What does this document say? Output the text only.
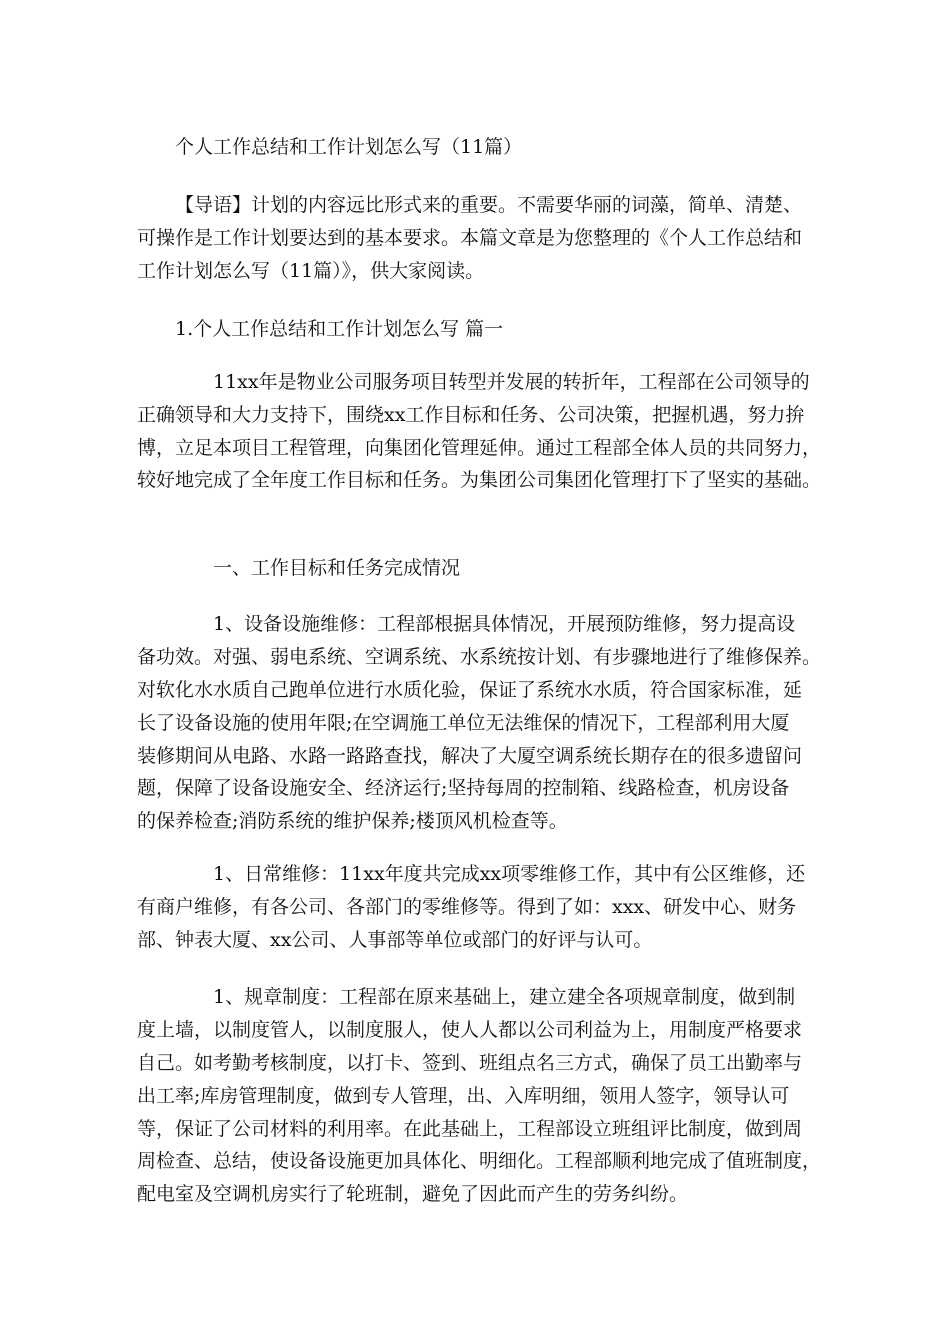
个人工作总结和工作计划怎么写（11篇）

【导语】计划的内容远比形式来的重要。不需要华丽的词藻，简单、清楚、

可操作是工作计划要达到的基本要求。本篇文章是为您整理的《个人工作总结和

工作计划怎么写（11篇）》，供大家阅读。

1.个人工作总结和工作计划怎么写 篇一

11xx年是物业公司服务项目转型并发展的转折年，工程部在公司领导的

正确领导和大力支持下，围绕xx工作目标和任务、公司决策，把握机遇，努力拚

博，立足本项目工程管理，向集团化管理延伸。通过工程部全体人员的共同努力，

较好地完成了全年度工作目标和任务。为集团公司集团化管理打下了坚实的基础。

一、工作目标和任务完成情况

1、设备设施维修：工程部根据具体情况，开展预防维修，努力提高设

备功效。对强、弱电系统、空调系统、水系统按计划、有步骤地进行了维修保养。

对软化水水质自己跑单位进行水质化验，保证了系统水水质，符合国家标准，延

长了设备设施的使用年限;在空调施工单位无法维保的情况下，工程部利用大厦

装修期间从电路、水路一路路查找，解决了大厦空调系统长期存在的很多遗留问

题，保障了设备设施安全、经济运行;坚持每周的控制箱、线路检查，机房设备

的保养检查;消防系统的维护保养;楼顶风机检查等。

1、日常维修：11xx年度共完成xx项零维修工作，其中有公区维修，还

有商户维修，有各公司、各部门的零维修等。得到了如：xxx、研发中心、财务

部、钟表大厦、xx公司、人事部等单位或部门的好评与认可。

1、规章制度：工程部在原来基础上，建立建全各项规章制度，做到制

度上墙，以制度管人，以制度服人，使人人都以公司利益为上，用制度严格要求

自己。如考勤考核制度，以打卡、签到、班组点名三方式，确保了员工出勤率与

出工率;库房管理制度，做到专人管理，出、入库明细，领用人签字，领导认可

等，保证了公司材料的利用率。在此基础上，工程部设立班组评比制度，做到周

周检查、总结，使设备设施更加具体化、明细化。工程部顺利地完成了值班制度，

配电室及空调机房实行了轮班制，避免了因此而产生的劳务纠纷。
